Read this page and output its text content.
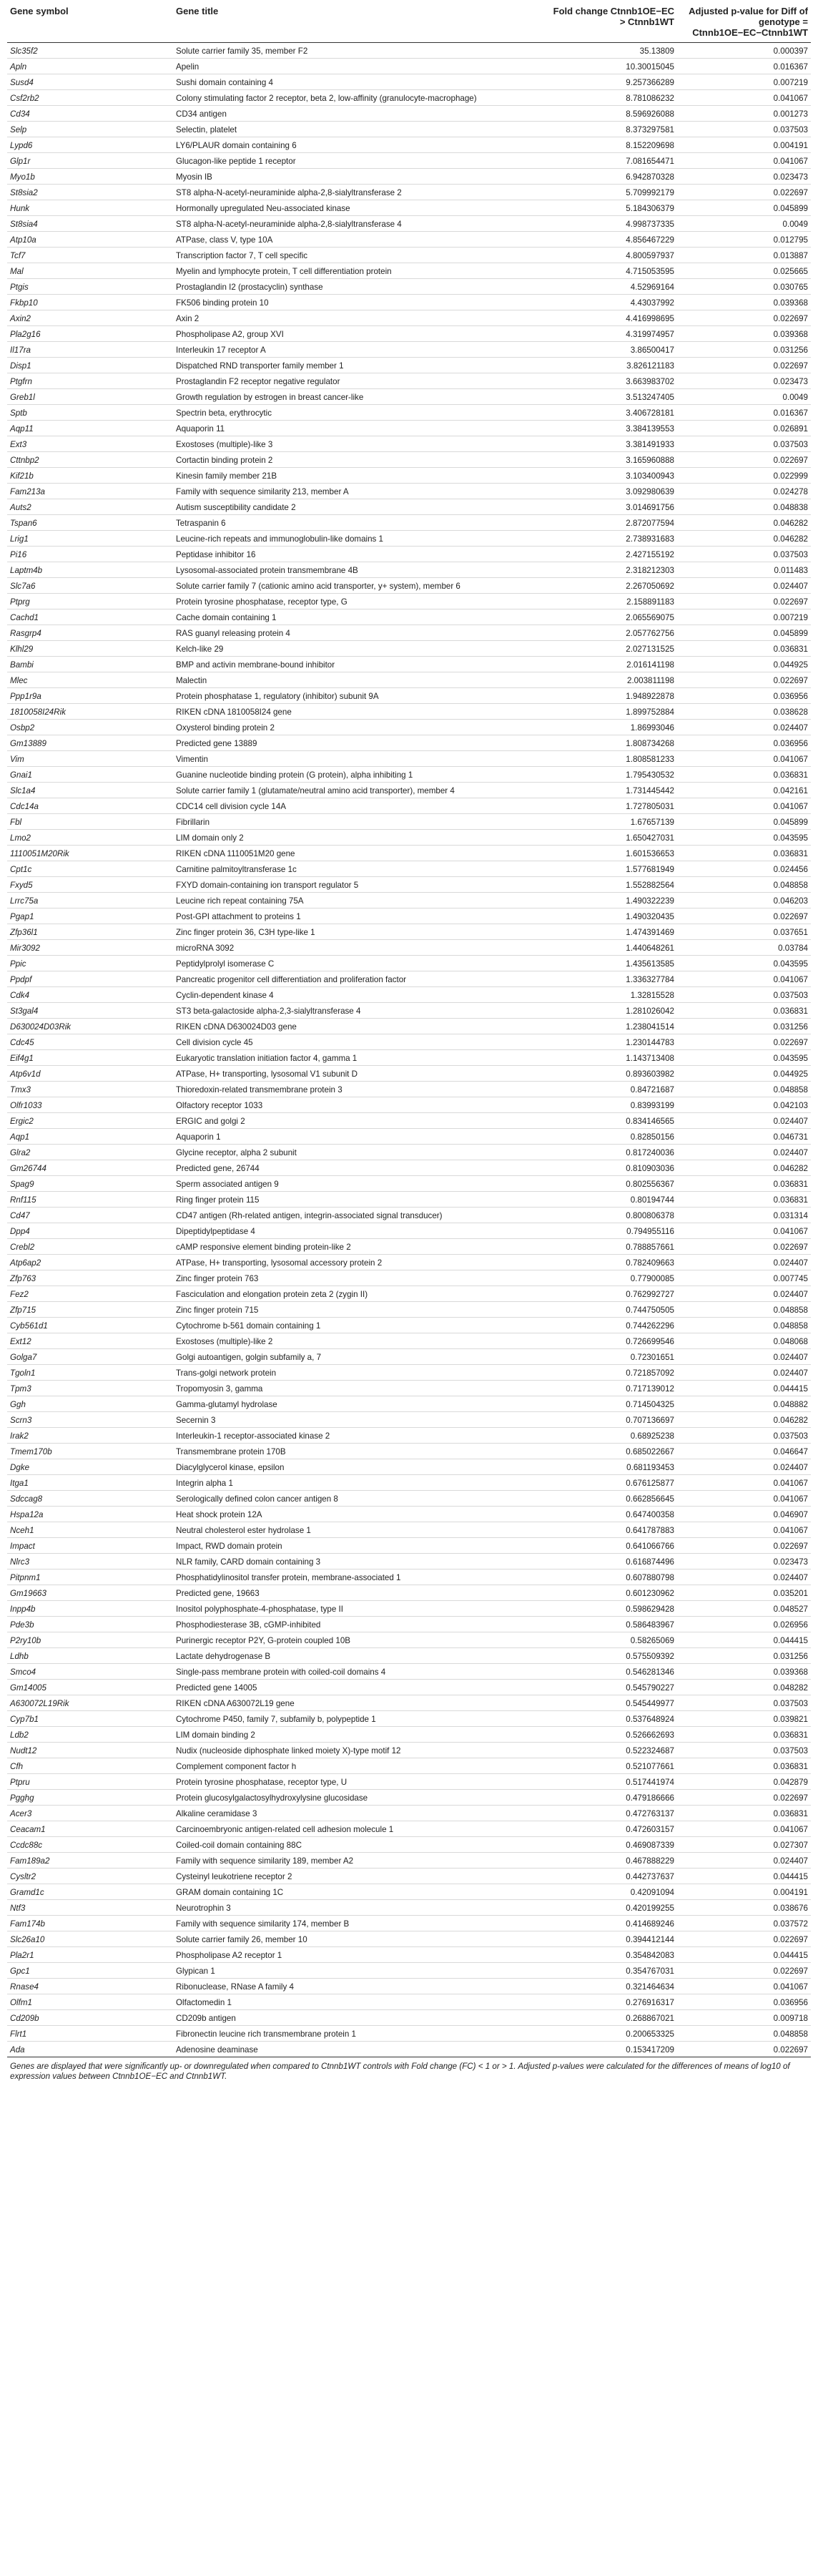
Gene symbol	Gene title	Fold change Ctnnb1OE−EC > Ctnnb1WT	Adjusted p-value for Diff of genotype = Ctnnb1OE−EC−Ctnnb1WT
Slc35f2	Solute carrier family 35, member F2	35.13809	0.000397
Apln	Apelin	10.30015045	0.016367
Susd4	Sushi domain containing 4	9.257366289	0.007219
Csf2rb2	Colony stimulating factor 2 receptor, beta 2, low-affinity (granulocyte-macrophage)	8.781086232	0.041067
Cd34	CD34 antigen	8.596926088	0.001273
Selp	Selectin, platelet	8.373297581	0.037503
Lypd6	LY6/PLAUR domain containing 6	8.152209698	0.004191
Glp1r	Glucagon-like peptide 1 receptor	7.081654471	0.041067
Myo1b	Myosin IB	6.942870328	0.023473
St8sia2	ST8 alpha-N-acetyl-neuraminide alpha-2,8-sialyltransferase 2	5.709992179	0.022697
Hunk	Hormonally upregulated Neu-associated kinase	5.184306379	0.045899
St8sia4	ST8 alpha-N-acetyl-neuraminide alpha-2,8-sialyltransferase 4	4.998737335	0.0049
Atp10a	ATPase, class V, type 10A	4.856467229	0.012795
Tcf7	Transcription factor 7, T cell specific	4.800597937	0.013887
Mal	Myelin and lymphocyte protein, T cell differentiation protein	4.715053595	0.025665
Ptgis	Prostaglandin I2 (prostacyclin) synthase	4.52969164	0.030765
Fkbp10	FK506 binding protein 10	4.43037992	0.039368
Axin2	Axin 2	4.416998695	0.022697
Pla2g16	Phospholipase A2, group XVI	4.319974957	0.039368
Il17ra	Interleukin 17 receptor A	3.86500417	0.031256
Disp1	Dispatched RND transporter family member 1	3.826121183	0.022697
Ptgfrn	Prostaglandin F2 receptor negative regulator	3.663983702	0.023473
Greb1l	Growth regulation by estrogen in breast cancer-like	3.513247405	0.0049
Sptb	Spectrin beta, erythrocytic	3.406728181	0.016367
Aqp11	Aquaporin 11	3.384139553	0.026891
Ext3	Exostoses (multiple)-like 3	3.381491933	0.037503
Cttnbp2	Cortactin binding protein 2	3.165960888	0.022697
Kif21b	Kinesin family member 21B	3.103400943	0.022999
Fam213a	Family with sequence similarity 213, member A	3.092980639	0.024278
Auts2	Autism susceptibility candidate 2	3.014691756	0.048838
Tspan6	Tetraspanin 6	2.872077594	0.046282
Lrig1	Leucine-rich repeats and immunoglobulin-like domains 1	2.738931683	0.046282
Pi16	Peptidase inhibitor 16	2.427155192	0.037503
Laptm4b	Lysosomal-associated protein transmembrane 4B	2.318212303	0.011483
Slc7a6	Solute carrier family 7 (cationic amino acid transporter, y+ system), member 6	2.267050692	0.024407
Ptprg	Protein tyrosine phosphatase, receptor type, G	2.158891183	0.022697
Cachd1	Cache domain containing 1	2.065569075	0.007219
Rasgrp4	RAS guanyl releasing protein 4	2.057762756	0.045899
Klhl29	Kelch-like 29	2.027131525	0.036831
Bambi	BMP and activin membrane-bound inhibitor	2.016141198	0.044925
Mlec	Malectin	2.003811198	0.022697
Ppp1r9a	Protein phosphatase 1, regulatory (inhibitor) subunit 9A	1.948922878	0.036956
1810058I24Rik	RIKEN cDNA 1810058I24 gene	1.899752884	0.038628
Osbp2	Oxysterol binding protein 2	1.86993046	0.024407
Gm13889	Predicted gene 13889	1.808734268	0.036956
Vim	Vimentin	1.808581233	0.041067
Gnai1	Guanine nucleotide binding protein (G protein), alpha inhibiting 1	1.795430532	0.036831
Slc1a4	Solute carrier family 1 (glutamate/neutral amino acid transporter), member 4	1.731445442	0.042161
Cdc14a	CDC14 cell division cycle 14A	1.727805031	0.041067
Fbl	Fibrillarin	1.67657139	0.045899
Lmo2	LIM domain only 2	1.650427031	0.043595
1110051M20Rik	RIKEN cDNA 1110051M20 gene	1.601536653	0.036831
Cpt1c	Carnitine palmitoyltransferase 1c	1.577681949	0.024456
Fxyd5	FXYD domain-containing ion transport regulator 5	1.552882564	0.048858
Lrrc75a	Leucine rich repeat containing 75A	1.490322239	0.046203
Pgap1	Post-GPI attachment to proteins 1	1.490320435	0.022697
Zfp36l1	Zinc finger protein 36, C3H type-like 1	1.474391469	0.037651
Mir3092	microRNA 3092	1.440648261	0.03784
Ppic	Peptidylprolyl isomerase C	1.435613585	0.043595
Ppdpf	Pancreatic progenitor cell differentiation and proliferation factor	1.336327784	0.041067
Cdk4	Cyclin-dependent kinase 4	1.32815528	0.037503
St3gal4	ST3 beta-galactoside alpha-2,3-sialyltransferase 4	1.281026042	0.036831
D630024D03Rik	RIKEN cDNA D630024D03 gene	1.238041514	0.031256
Cdc45	Cell division cycle 45	1.230144783	0.022697
Eif4g1	Eukaryotic translation initiation factor 4, gamma 1	1.143713408	0.043595
Atp6v1d	ATPase, H+ transporting, lysosomal V1 subunit D	0.893603982	0.044925
Tmx3	Thioredoxin-related transmembrane protein 3	0.84721687	0.048858
Olfr1033	Olfactory receptor 1033	0.83993199	0.042103
Ergic2	ERGIC and golgi 2	0.834146565	0.024407
Aqp1	Aquaporin 1	0.82850156	0.046731
Glra2	Glycine receptor, alpha 2 subunit	0.817240036	0.024407
Gm26744	Predicted gene, 26744	0.810903036	0.046282
Spag9	Sperm associated antigen 9	0.802556367	0.036831
Rnf115	Ring finger protein 115	0.80194744	0.036831
Cd47	CD47 antigen (Rh-related antigen, integrin-associated signal transducer)	0.800806378	0.031314
Dpp4	Dipeptidylpeptidase 4	0.794955116	0.041067
Crebl2	cAMP responsive element binding protein-like 2	0.788857661	0.022697
Atp6ap2	ATPase, H+ transporting, lysosomal accessory protein 2	0.782409663	0.024407
Zfp763	Zinc finger protein 763	0.77900085	0.007745
Fez2	Fasciculation and elongation protein zeta 2 (zygin II)	0.762992727	0.024407
Zfp715	Zinc finger protein 715	0.744750505	0.048858
Cyb561d1	Cytochrome b-561 domain containing 1	0.744262296	0.048858
Ext12	Exostoses (multiple)-like 2	0.726699546	0.048068
Golga7	Golgi autoantigen, golgin subfamily a, 7	0.72301651	0.024407
Tgoln1	Trans-golgi network protein	0.721857092	0.024407
Tpm3	Tropomyosin 3, gamma	0.717139012	0.044415
Ggh	Gamma-glutamyl hydrolase	0.714504325	0.048882
Scrn3	Secernin 3	0.707136697	0.046282
Irak2	Interleukin-1 receptor-associated kinase 2	0.68925238	0.037503
Tmem170b	Transmembrane protein 170B	0.685022667	0.046647
Dgke	Diacylglycerol kinase, epsilon	0.681193453	0.024407
Itga1	Integrin alpha 1	0.676125877	0.041067
Sdccag8	Serologically defined colon cancer antigen 8	0.662856645	0.041067
Hspa12a	Heat shock protein 12A	0.647400358	0.046907
Nceh1	Neutral cholesterol ester hydrolase 1	0.641787883	0.041067
Impact	Impact, RWD domain protein	0.641066766	0.022697
Nlrc3	NLR family, CARD domain containing 3	0.616874496	0.023473
Pitpnm1	Phosphatidylinositol transfer protein, membrane-associated 1	0.607880798	0.024407
Gm19663	Predicted gene, 19663	0.601230962	0.035201
Inpp4b	Inositol polyphosphate-4-phosphatase, type II	0.598629428	0.048527
Pde3b	Phosphodiesterase 3B, cGMP-inhibited	0.586483967	0.026956
P2ry10b	Purinergic receptor P2Y, G-protein coupled 10B	0.58265069	0.044415
Ldhb	Lactate dehydrogenase B	0.575509392	0.031256
Smco4	Single-pass membrane protein with coiled-coil domains 4	0.546281346	0.039368
Gm14005	Predicted gene 14005	0.545790227	0.048282
A630072L19Rik	RIKEN cDNA A630072L19 gene	0.545449977	0.037503
Cyp7b1	Cytochrome P450, family 7, subfamily b, polypeptide 1	0.537648924	0.039821
Ldb2	LIM domain binding 2	0.526662693	0.036831
Nudt12	Nudix (nucleoside diphosphate linked moiety X)-type motif 12	0.522324687	0.037503
Cfh	Complement component factor h	0.521077661	0.036831
Ptpru	Protein tyrosine phosphatase, receptor type, U	0.517441974	0.042879
Pgghg	Protein glucosylgalactosylhydroxylysine glucosidase	0.479186666	0.022697
Acer3	Alkaline ceramidase 3	0.472763137	0.036831
Ceacam1	Carcinoembryonic antigen-related cell adhesion molecule 1	0.472603157	0.041067
Ccdc88c	Coiled-coil domain containing 88C	0.469087339	0.027307
Fam189a2	Family with sequence similarity 189, member A2	0.467888229	0.024407
Cysltr2	Cysteinyl leukotriene receptor 2	0.442737637	0.044415
Gramd1c	GRAM domain containing 1C	0.42091094	0.004191
Ntf3	Neurotrophin 3	0.420199255	0.038676
Fam174b	Family with sequence similarity 174, member B	0.414689246	0.037572
Slc26a10	Solute carrier family 26, member 10	0.394412144	0.022697
Pla2r1	Phospholipase A2 receptor 1	0.354842083	0.044415
Gpc1	Glypican 1	0.354767031	0.022697
Rnase4	Ribonuclease, RNase A family 4	0.321464634	0.041067
Olfm1	Olfactomedin 1	0.276916317	0.036956
Cd209b	CD209b antigen	0.268867021	0.009718
Flrt1	Fibronectin leucine rich transmembrane protein 1	0.200653325	0.048858
Ada	Adenosine deaminase	0.153417209	0.022697
Genes are displayed that were significantly up- or downregulated when compared to Ctnnb1WT controls with Fold change (FC) < 1 or > 1. Adjusted p-values were calculated for the differences of means of log10 of expression values between Ctnnb1OE−EC and Ctnnb1WT.
